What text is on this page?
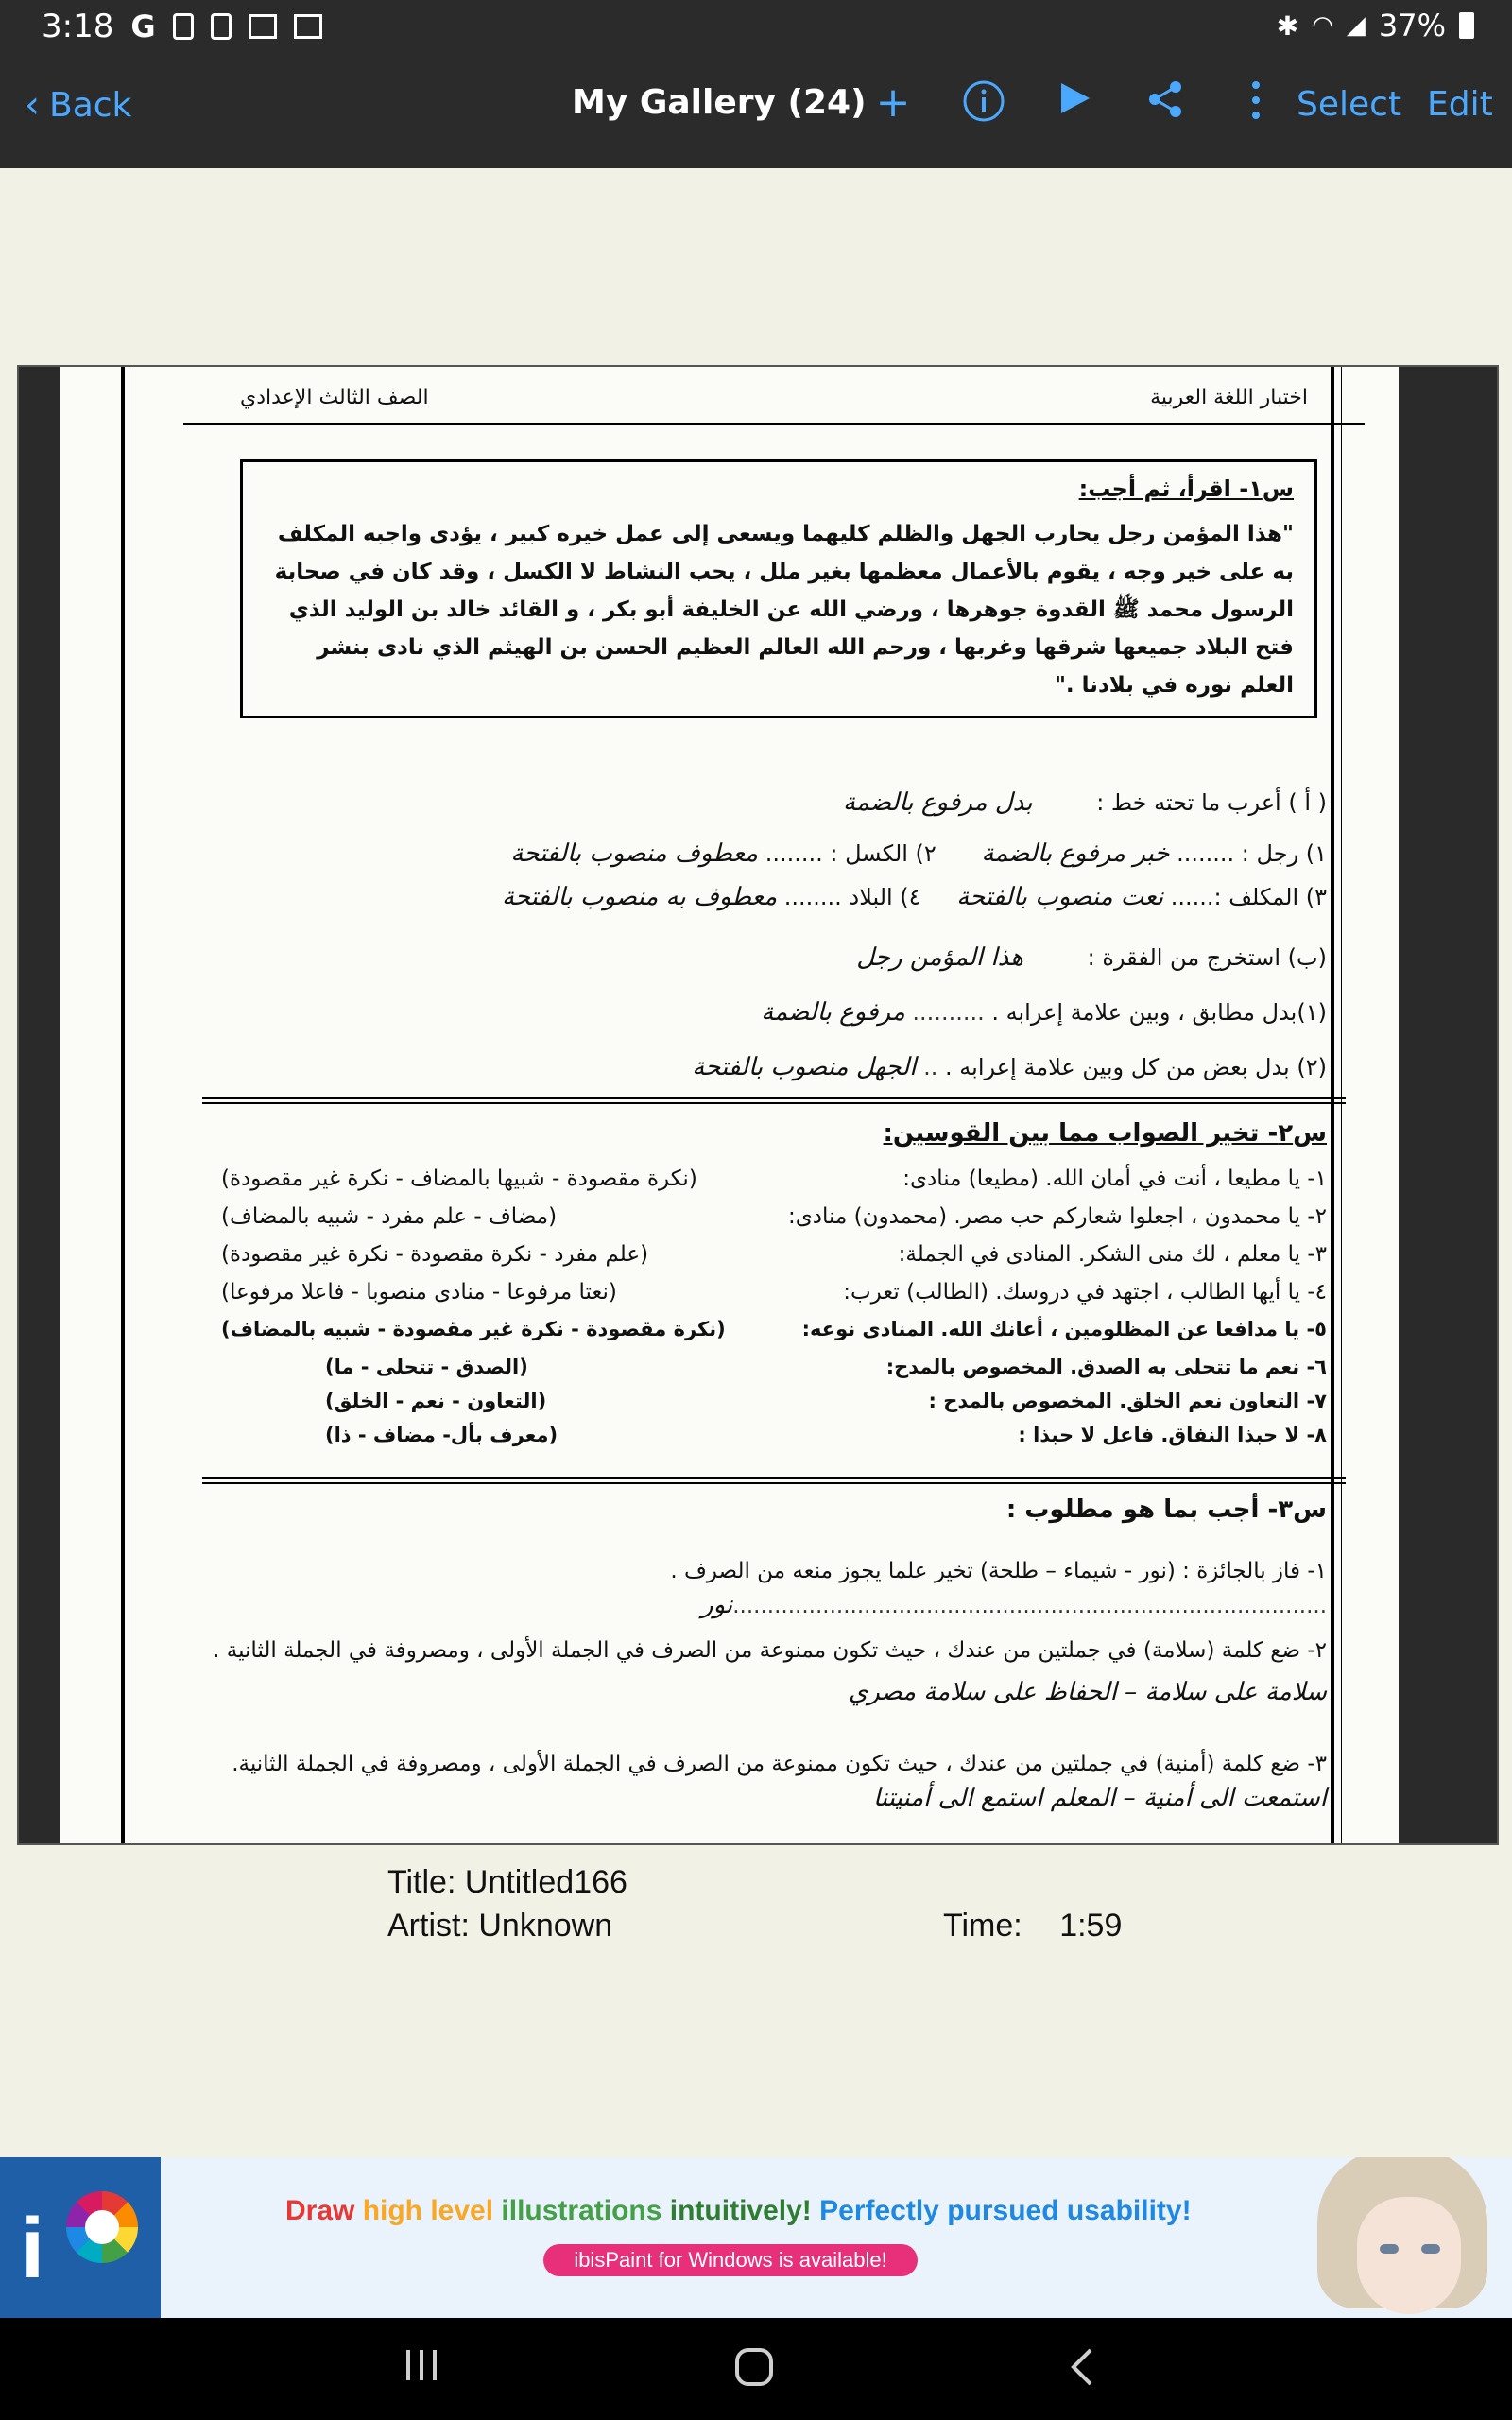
3:18 G	✱ ◠ ◢ 37%
‹ Back	My Gallery (24) +	Select Edit
اختبار اللغة العربية
الصف الثالث الإعدادي
س١- اقرأ، ثم أجب:
"هذا المؤمن رجل يحارب الجهل والظلم كليهما ويسعى إلى عمل خيره كبير ، يؤدى واجبه المكلف به على خير وجه ، يقوم بالأعمال معظمها بغير ملل ، يحب النشاط لا الكسل ، وقد كان في صحابة الرسول محمد ﷺ القدوة جوهرها ، ورضي الله عن الخليفة أبو بكر ، و القائد خالد بن الوليد الذي فتح البلاد جميعها شرقها وغربها ، ورحم الله العالم العظيم الحسن بن الهيثم الذي نادى بنشر العلم نوره في بلادنا ."
( أ ) أعرب ما تحته خط : بدل مرفوع بالضمة
١) رجل : ........ خبر مرفوع بالضمة ٢) الكسل : ........ معطوف منصوب بالفتحة
٣) المكلف :...... نعت منصوب بالفتحة ٤) البلاد ........ معطوف به منصوب بالفتحة
(ب) استخرج من الفقرة : هذا المؤمن رجل
(١)بدل مطابق ، وبين علامة إعرابه . .......... مرفوع بالضمة
(٢) بدل بعض من كل وبين علامة إعرابه . .. الجهل منصوب بالفتحة
س٢- تخير الصواب مما بين القوسين:
١- يا مطيعا ، أنت في أمان الله. (مطيعا) منادى:
(نكرة مقصودة - شبيها بالمضاف - نكرة غير مقصودة)
٢- يا محمدون ، اجعلوا شعاركم حب مصر. (محمدون) منادى:
(مضاف - علم مفرد - شبيه بالمضاف)
٣- يا معلم ، لك منى الشكر. المنادى في الجملة:
(علم مفرد - نكرة مقصودة - نكرة غير مقصودة)
٤- يا أيها الطالب ، اجتهد في دروسك. (الطالب) تعرب:
(نعتا مرفوعا - منادى منصوبا - فاعلا مرفوعا)
٥- يا مدافعا عن المظلومين ، أعانك الله. المنادى نوعه:
(نكرة مقصودة - نكرة غير مقصودة - شبيه بالمضاف)
٦- نعم ما تتحلى به الصدق. المخصوص بالمدح:
(الصدق - تتحلى - ما)
٧- التعاون نعم الخلق. المخصوص بالمدح :
(التعاون - نعم - الخلق)
٨- لا حبذا النفاق. فاعل لا حبذا :
(معرف بأل- مضاف - ذا)
س٣- أجب بما هو مطلوب :
١- فاز بالجائزة : (نور - شيماء – طلحة) تخير علما يجوز منعه من الصرف .
......................................................................................نور
٢- ضع كلمة (سلامة) في جملتين من عندك ، حيث تكون ممنوعة من الصرف في الجملة الأولى ، ومصروفة في الجملة الثانية .
سلامة على سلامة – الحفاظ على سلامة مصري
٣- ضع كلمة (أمنية) في جملتين من عندك ، حيث تكون ممنوعة من الصرف في الجملة الأولى ، ومصروفة في الجملة الثانية.
استمعت الى أمنية – المعلم استمع الى أمنيتنا
Title: Untitled166
Artist: Unknown	Time: 1:59
i	Draw high level illustrations intuitively! Perfectly pursued usability!
ibisPaint for Windows is available!
